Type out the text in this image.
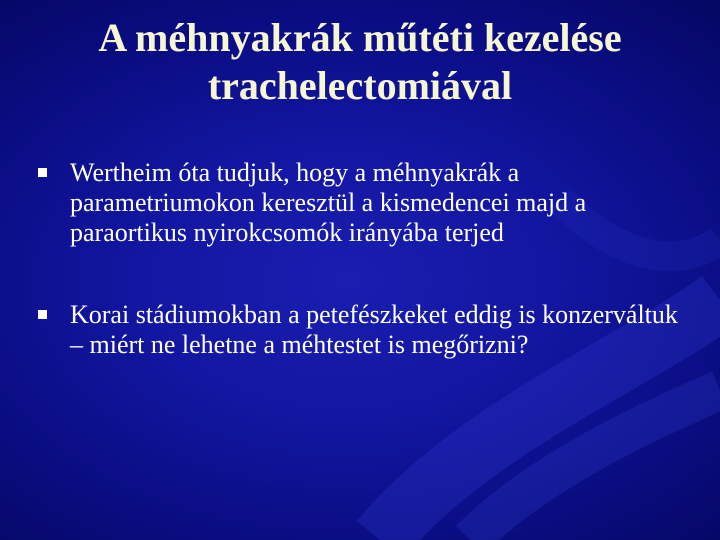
A méhnyakrák műtéti kezelése
trachelectomiával
Wertheim óta tudjuk, hogy a méhnyakrák a parametriumokon keresztül a kismedencei majd a paraortikus nyirokcsomók irányába terjed
Korai stádiumokban a petefészkeket eddig is konzerváltuk – miért ne lehetne a méhtestet is megőrizni?
